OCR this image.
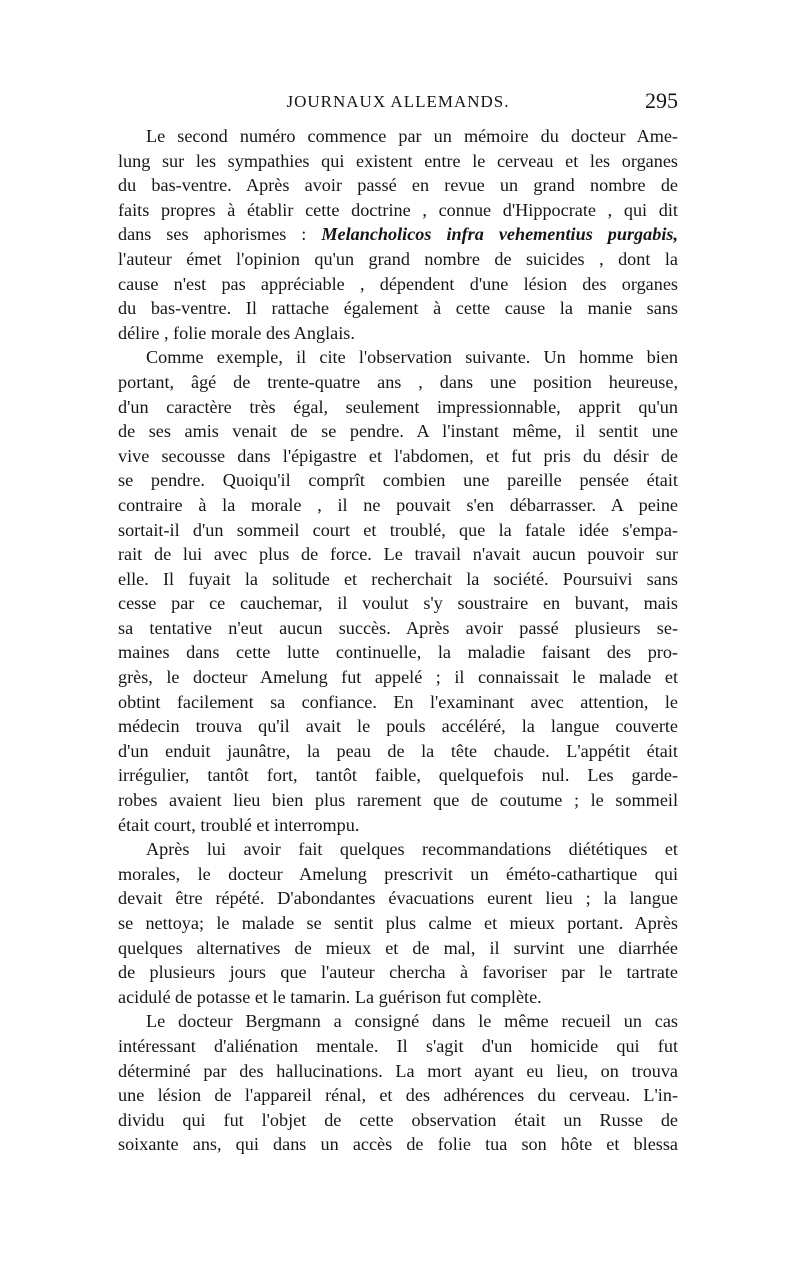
JOURNAUX ALLEMANDS.	295
Le second numéro commence par un mémoire du docteur Ame-
lung sur les sympathies qui existent entre le cerveau et les organes
du bas-ventre. Après avoir passé en revue un grand nombre de
faits propres à établir cette doctrine , connue d'Hippocrate , qui dit
dans ses aphorismes : Melancholicos infra vehementius purgabis,
l'auteur émet l'opinion qu'un grand nombre de suicides , dont la
cause n'est pas appréciable , dépendent d'une lésion des organes
du bas-ventre. Il rattache également à cette cause la manie sans
délire , folie morale des Anglais.
Comme exemple, il cite l'observation suivante. Un homme bien
portant, âgé de trente-quatre ans , dans une position heureuse,
d'un caractère très égal, seulement impressionnable, apprit qu'un
de ses amis venait de se pendre. A l'instant même, il sentit une
vive secousse dans l'épigastre et l'abdomen, et fut pris du désir de
se pendre. Quoiqu'il comprît combien une pareille pensée était
contraire à la morale , il ne pouvait s'en débarrasser. A peine
sortait-il d'un sommeil court et troublé, que la fatale idée s'empa-
rait de lui avec plus de force. Le travail n'avait aucun pouvoir sur
elle. Il fuyait la solitude et recherchait la société. Poursuivi sans
cesse par ce cauchemar, il voulut s'y soustraire en buvant, mais
sa tentative n'eut aucun succès. Après avoir passé plusieurs se-
maines dans cette lutte continuelle, la maladie faisant des pro-
grès, le docteur Amelung fut appelé ; il connaissait le malade et
obtint facilement sa confiance. En l'examinant avec attention, le
médecin trouva qu'il avait le pouls accéléré, la langue couverte
d'un enduit jaunâtre, la peau de la tête chaude. L'appétit était
irrégulier, tantôt fort, tantôt faible, quelquefois nul. Les garde-
robes avaient lieu bien plus rarement que de coutume ; le sommeil
était court, troublé et interrompu.
Après lui avoir fait quelques recommandations diététiques et
morales, le docteur Amelung prescrivit un éméto-cathartique qui
devait être répété. D'abondantes évacuations eurent lieu ; la langue
se nettoya; le malade se sentit plus calme et mieux portant. Après
quelques alternatives de mieux et de mal, il survint une diarrhée
de plusieurs jours que l'auteur chercha à favoriser par le tartrate
acidulé de potasse et le tamarin. La guérison fut complète.
Le docteur Bergmann a consigné dans le même recueil un cas
intéressant d'aliénation mentale. Il s'agit d'un homicide qui fut
déterminé par des hallucinations. La mort ayant eu lieu, on trouva
une lésion de l'appareil rénal, et des adhérences du cerveau. L'in-
dividu qui fut l'objet de cette observation était un Russe de
soixante ans, qui dans un accès de folie tua son hôte et blessa
